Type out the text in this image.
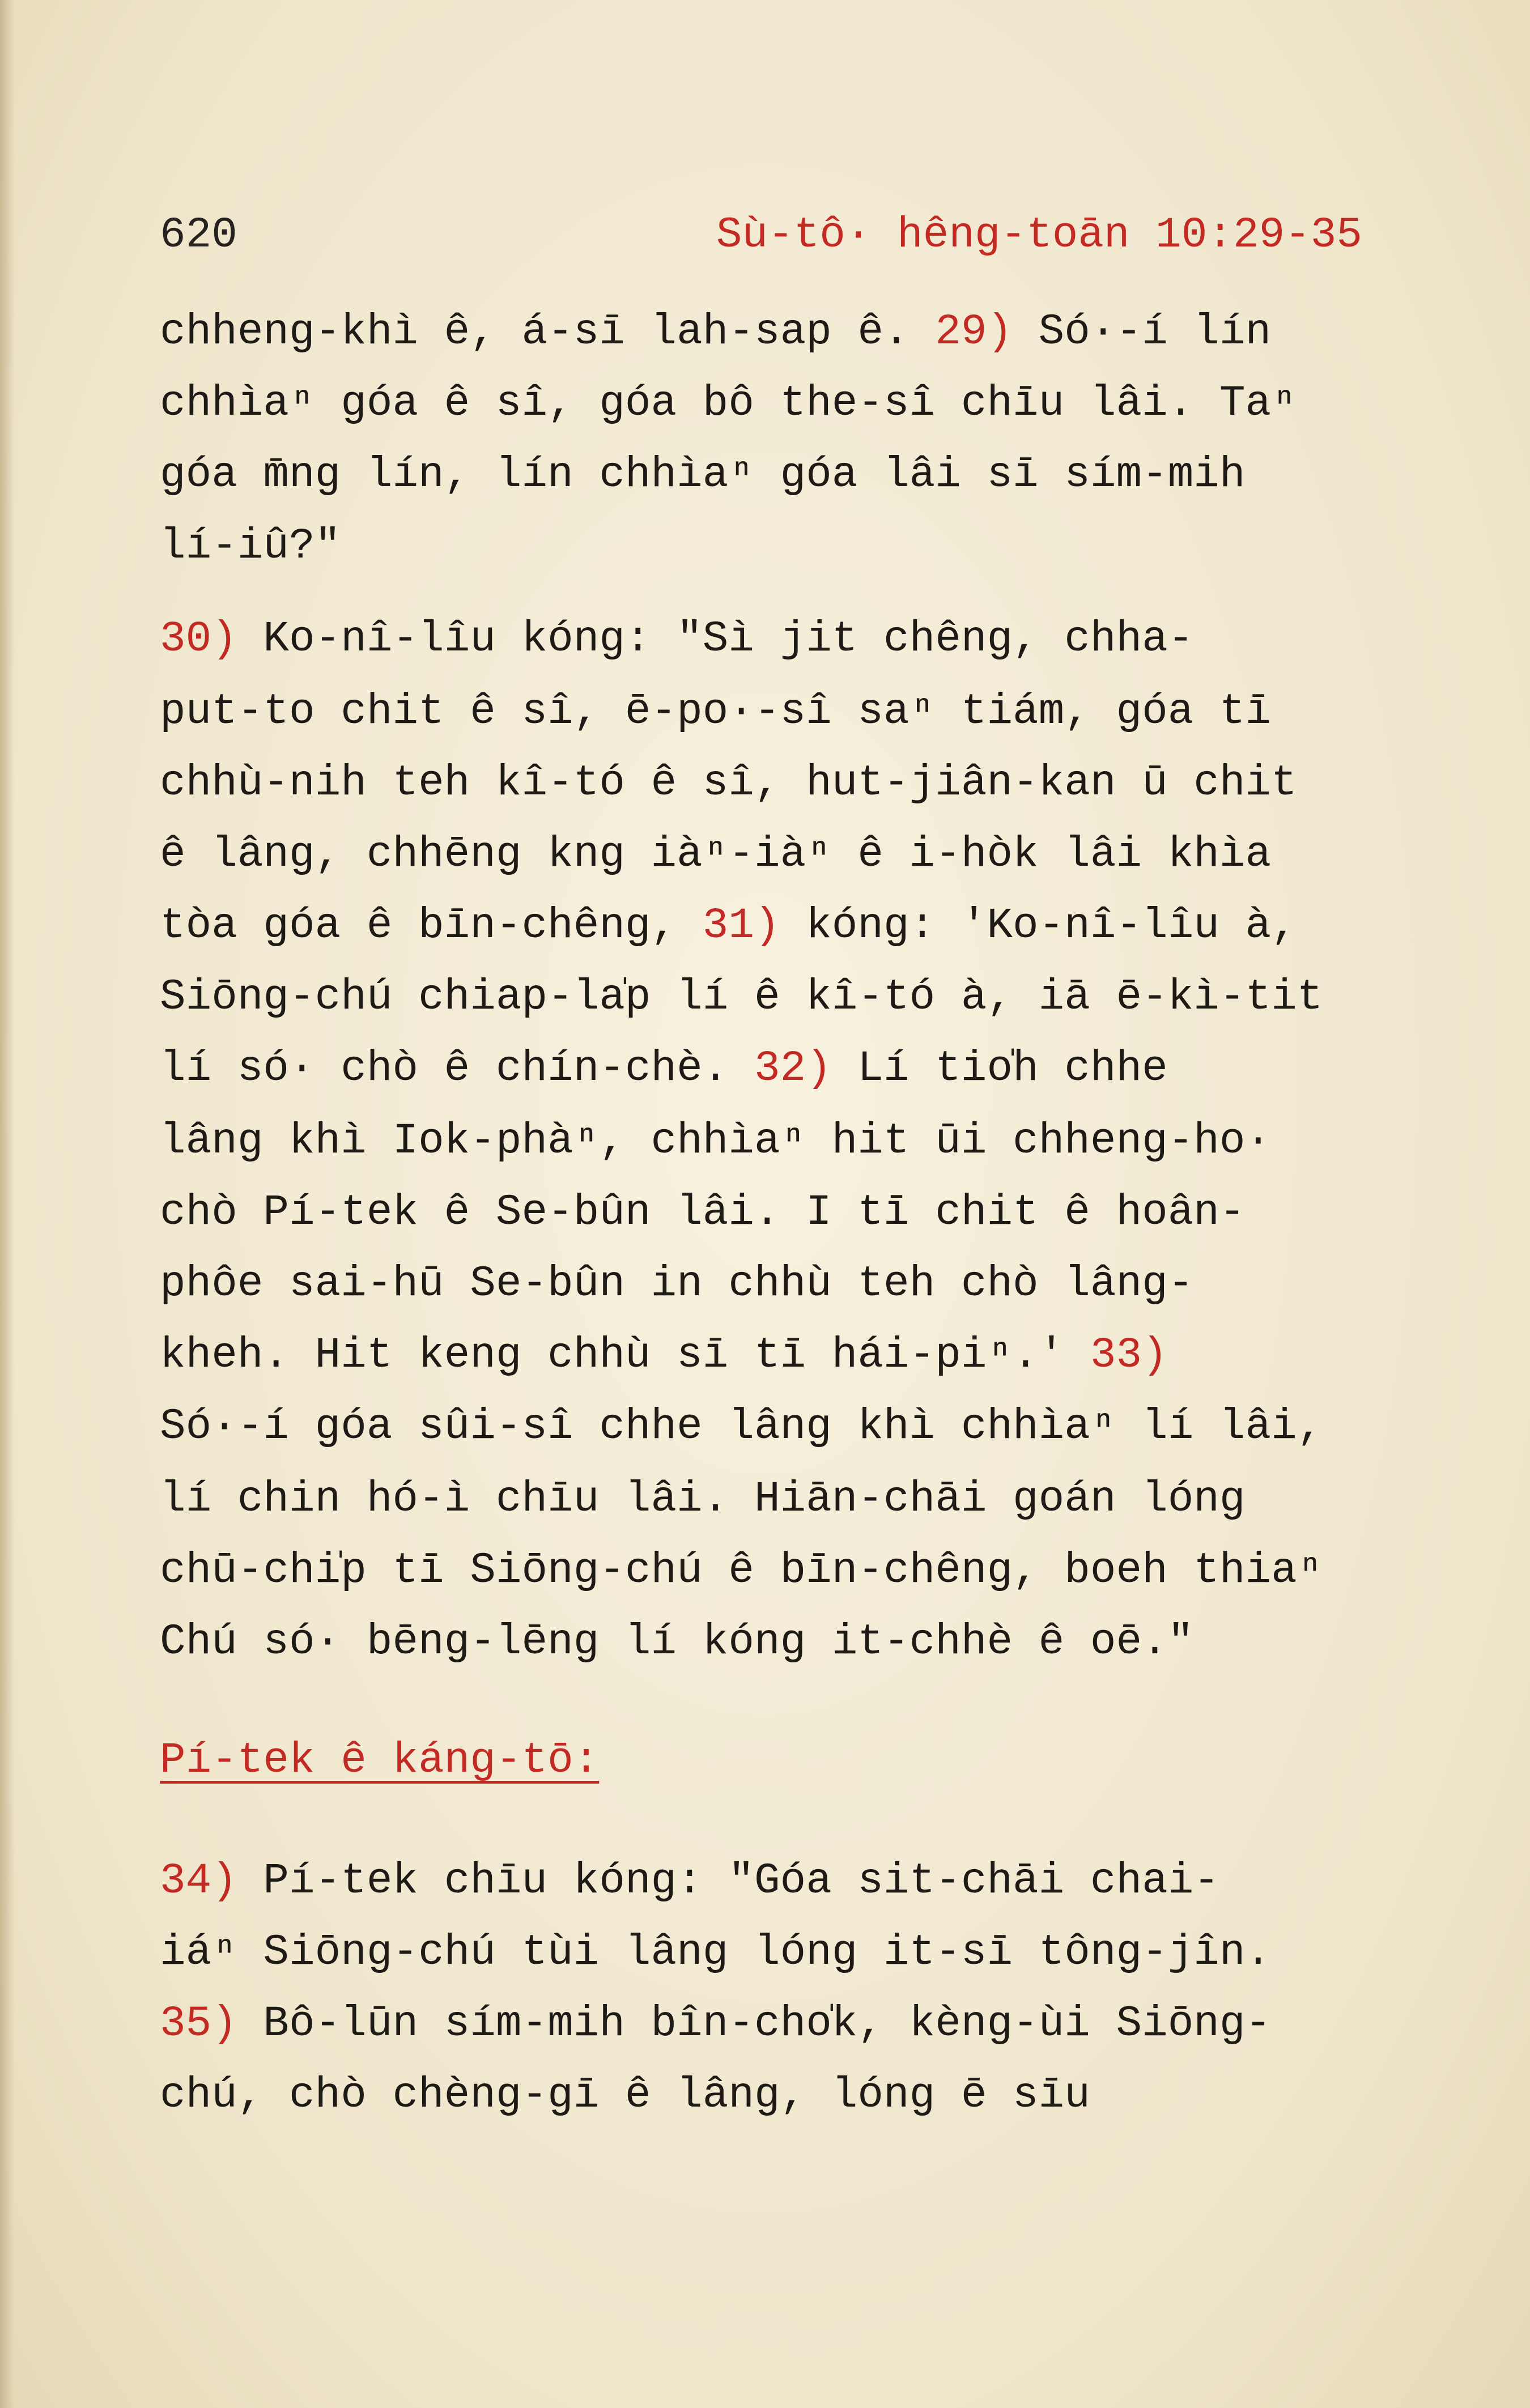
620	Sù-tô· hêng-toān 10:29-35
chheng-khì ê, á-sī lah-sap ê. 29) Só·-í lín
chhìaⁿ góa ê sî, góa bô the-sî chīu lâi. Taⁿ
góa m̄ng lín, lín chhìaⁿ góa lâi sī sím-mih
lí-iû?"
30) Ko-nî-lîu kóng: "Sì jit chêng, chha-
put-to chit ê sî, ē-po·-sî saⁿ tiám, góa tī
chhù-nih teh kî-tó ê sî, hut-jiân-kan ū chit
ê lâng, chhēng kng iàⁿ-iàⁿ ê i-hòk lâi khìa
tòa góa ê bīn-chêng, 31) kóng: 'Ko-nî-lîu à,
Siōng-chú chiap-la̍p lí ê kî-tó à, iā ē-kì-tit
lí só· chò ê chín-chè. 32) Lí tio̍h chhe
lâng khì Iok-phàⁿ, chhìaⁿ hit ūi chheng-ho·
chò Pí-tek ê Se-bûn lâi. I tī chit ê hoân-
phôe sai-hū Se-bûn in chhù teh chò lâng-
kheh. Hit keng chhù sī tī hái-piⁿ.' 33)
Só·-í góa sûi-sî chhe lâng khì chhìaⁿ lí lâi,
lí chin hó-ì chīu lâi. Hiān-chāi goán lóng
chū-chi̍p tī Siōng-chú ê bīn-chêng, boeh thiaⁿ
Chú só· bēng-lēng lí kóng it-chhè ê oē."
Pí-tek ê káng-tō:
34) Pí-tek chīu kóng: "Góa sit-chāi chai-
iáⁿ Siōng-chú tùi lâng lóng it-sī tông-jîn.
35) Bô-lūn sím-mih bîn-cho̍k, kèng-ùi Siōng-
chú, chò chèng-gī ê lâng, lóng ē sīu
